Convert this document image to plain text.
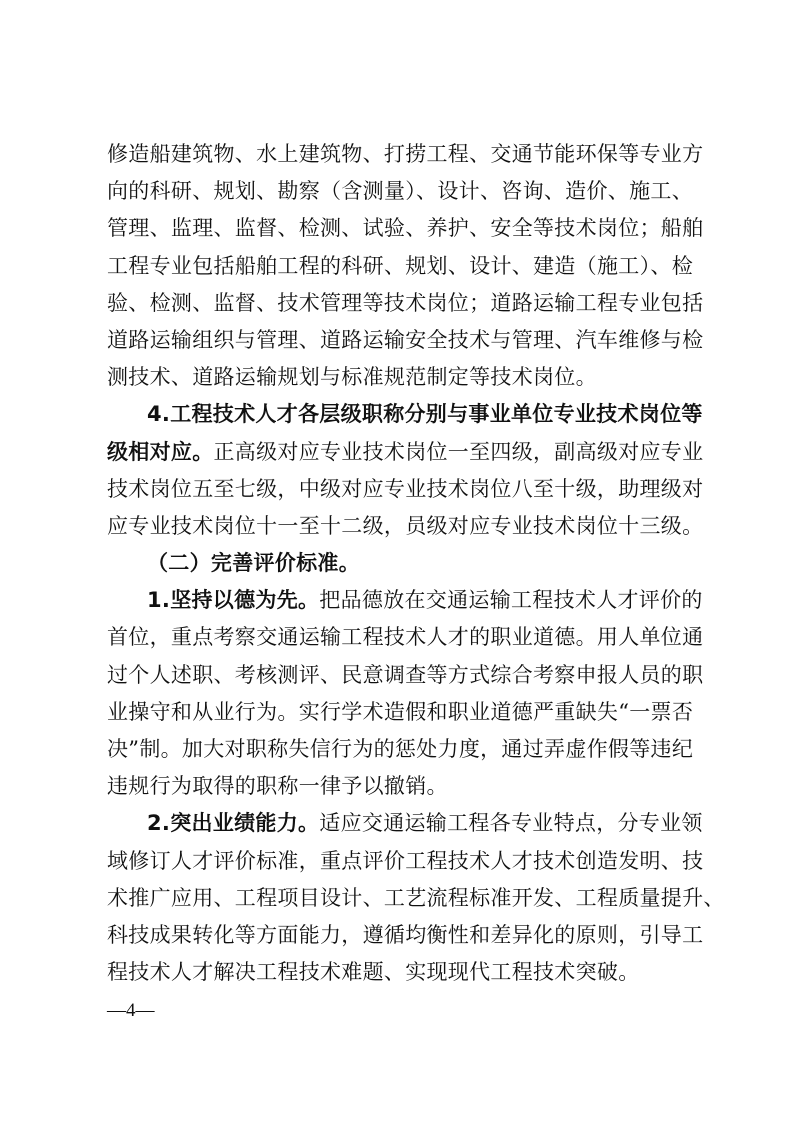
修造船建筑物、水上建筑物、打捞工程、交通节能环保等专业方
向的科研、规划、勘察（含测量）、设计、咨询、造价、施工、
管理、监理、监督、检测、试验、养护、安全等技术岗位；船舶
工程专业包括船舶工程的科研、规划、设计、建造（施工）、检
验、检测、监督、技术管理等技术岗位；道路运输工程专业包括
道路运输组织与管理、道路运输安全技术与管理、汽车维修与检
测技术、道路运输规划与标准规范制定等技术岗位。
4.工程技术人才各层级职称分别与事业单位专业技术岗位等
级相对应。正高级对应专业技术岗位一至四级，副高级对应专业
技术岗位五至七级，中级对应专业技术岗位八至十级，助理级对
应专业技术岗位十一至十二级，员级对应专业技术岗位十三级。
（二）完善评价标准。
1.坚持以德为先。把品德放在交通运输工程技术人才评价的
首位，重点考察交通运输工程技术人才的职业道德。用人单位通
过个人述职、考核测评、民意调查等方式综合考察申报人员的职
业操守和从业行为。实行学术造假和职业道德严重缺失“一票否
决”制。加大对职称失信行为的惩处力度，通过弄虚作假等违纪
违规行为取得的职称一律予以撤销。
2.突出业绩能力。适应交通运输工程各专业特点，分专业领
域修订人才评价标准，重点评价工程技术人才技术创造发明、技
术推广应用、工程项目设计、工艺流程标准开发、工程质量提升、
科技成果转化等方面能力，遵循均衡性和差异化的原则，引导工
程技术人才解决工程技术难题、实现现代工程技术突破。
—4—
